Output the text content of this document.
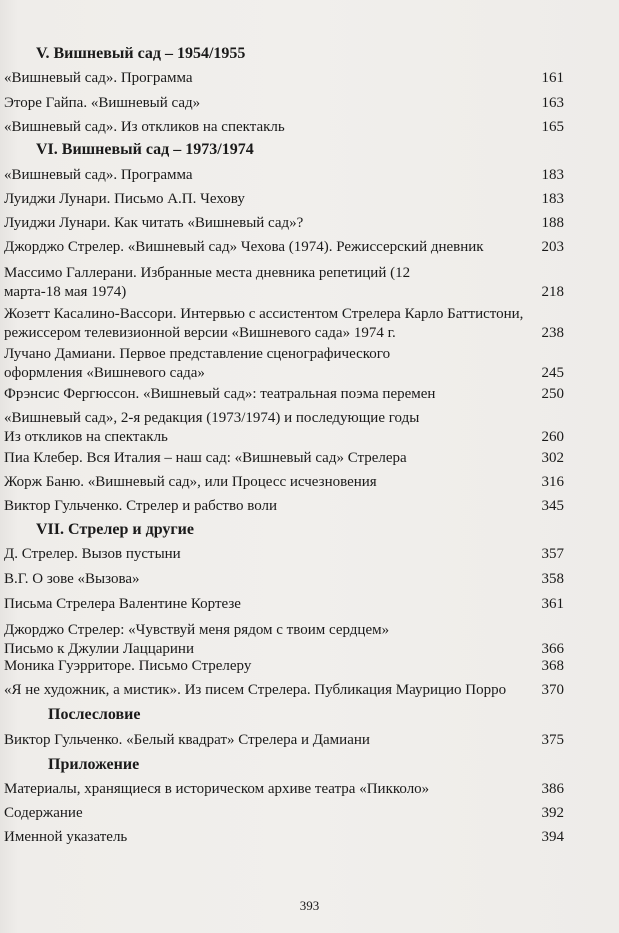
V. Вишневый сад – 1954/1955
«Вишневый сад». Программа	161
Эторе Гайпа. «Вишневый сад»	163
«Вишневый сад». Из откликов на спектакль	165
VI. Вишневый сад – 1973/1974
«Вишневый сад». Программа	183
Луиджи Лунари. Письмо А.П. Чехову	183
Луиджи Лунари. Как читать «Вишневый сад»?	188
Джорджо Стрелер. «Вишневый сад» Чехова (1974). Режиссерский дневник	203
Массимо Галлерани. Избранные места дневника репетиций (12 марта-18 мая 1974)	218
Жозетт Касалино-Вассори. Интервью с ассистентом Стрелера Карло Баттистони, режиссером телевизионной версии «Вишневого сада» 1974 г.	238
Лучано Дамиани. Первое представление сценографического оформления «Вишневого сада»	245
Фрэнсис Фергюссон. «Вишневый сад»: театральная поэма перемен	250
«Вишневый сад», 2-я редакция (1973/1974) и последующие годы Из откликов на спектакль	260
Пиа Клебер. Вся Италия – наш сад: «Вишневый сад» Стрелера	302
Жорж Баню. «Вишневый сад», или Процесс исчезновения	316
Виктор Гульченко. Стрелер и рабство воли	345
VII. Стрелер и другие
Д. Стрелер. Вызов пустыни	357
В.Г. О зове «Вызова»	358
Письма Стрелера Валентине Кортезе	361
Джорджо Стрелер: «Чувствуй меня рядом с твоим сердцем» Письмо к Джулии Лаццарини	366
Моника Гуэрриторе. Письмо Стрелеру	368
«Я не художник, а мистик». Из писем Стрелера. Публикация Маурицио Порро	370
Послесловие
Виктор Гульченко. «Белый квадрат» Стрелера и Дамиани	375
Приложение
Материалы, хранящиеся в историческом архиве театра «Пикколо»	386
Содержание	392
Именной указатель	394
393
